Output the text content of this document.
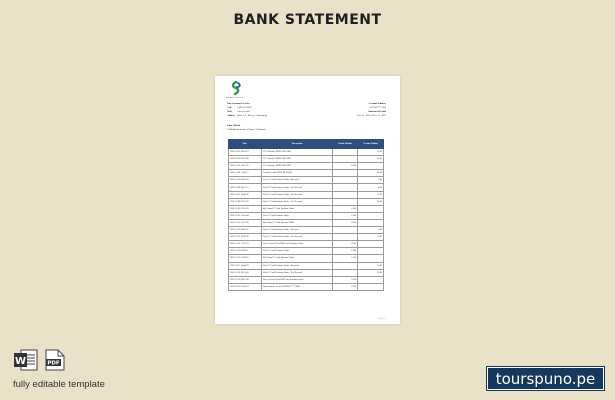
BANK STATEMENT
standard chartered
Our Customer Service
Call 1 800 123 4567
Visit www.sc.com
Address Plaza 1, Ii, Rivera, Gothenburg
Account Number
ACC987****456
Statement Period
Dec 01, 2021 to Dec 31, 2021
John Oldard
14 Richland Avenue, Dayton, California
Date	Description	Debits (Dollar)	Credits (Dollar)
2021-12-01 09:03:21	CCA Transfer JOHN OLDARD		35.00
2021-12-02 08:15:48	CCA Transfer JOHN OLDARD		20.00
2021-12-03 10:22:35	CCA Transfer JOHN OLDARD	10.00	
2021-12-04 11:45:17	Account Credit JOHN OLDARD		45.00
2021-12-05 09:30:02	Visa CC Card Purchase Order - Reversal		5.00
2021-12-06 14:12:55	Visa CC Card Purchase Order - Fee Reversal		8.00
2021-12-07 16:48:30	Visa CC Card Purchase Order - Fee Reversal		15.00
2021-12-08 07:55:41	Visa CC Card Purchase Order - Fee Reversal		20.00
2021-12-09 12:33:19	Intl. Trans/CC Card Purchase Order	10.00	
2021-12-10 13:05:44	Visa CC Card Purchase Order	15.00	
2021-12-11 15:27:08	Intl. Trans/CC Card Purchase Order	20.00	
2021-12-12 08:41:52	Visa CC Card Purchase Order - Reversal		5.00
2021-12-13 10:19:26	Visa CC Card Purchase Order - Fee Reversal		15.00
2021-12-14 17:02:33	Visa - General Visa DBS Card Purchase Order	25.00	
2021-12-15 09:58:11	Visa CC Card Purchase Order	10.00	
2021-12-16 11:36:47	Intl. Trans/CC Card Purchase Order	15.00	
2021-12-17 14:44:59	Visa CC Card Purchase Order - Reversal		10.00
2021-12-18 16:21:05	Visa CC Card Purchase Order - Fee Reversal		15.00
2021-12-19 08:07:38	Visa - General Visa DBS Card Purchase Order	25.00	
2021-12-20 12:50:14	Funds transfer to Acc/1462080*****5668	25.00	
Page 1/1
W	PDF
fully editable template	tourspuno.pe
